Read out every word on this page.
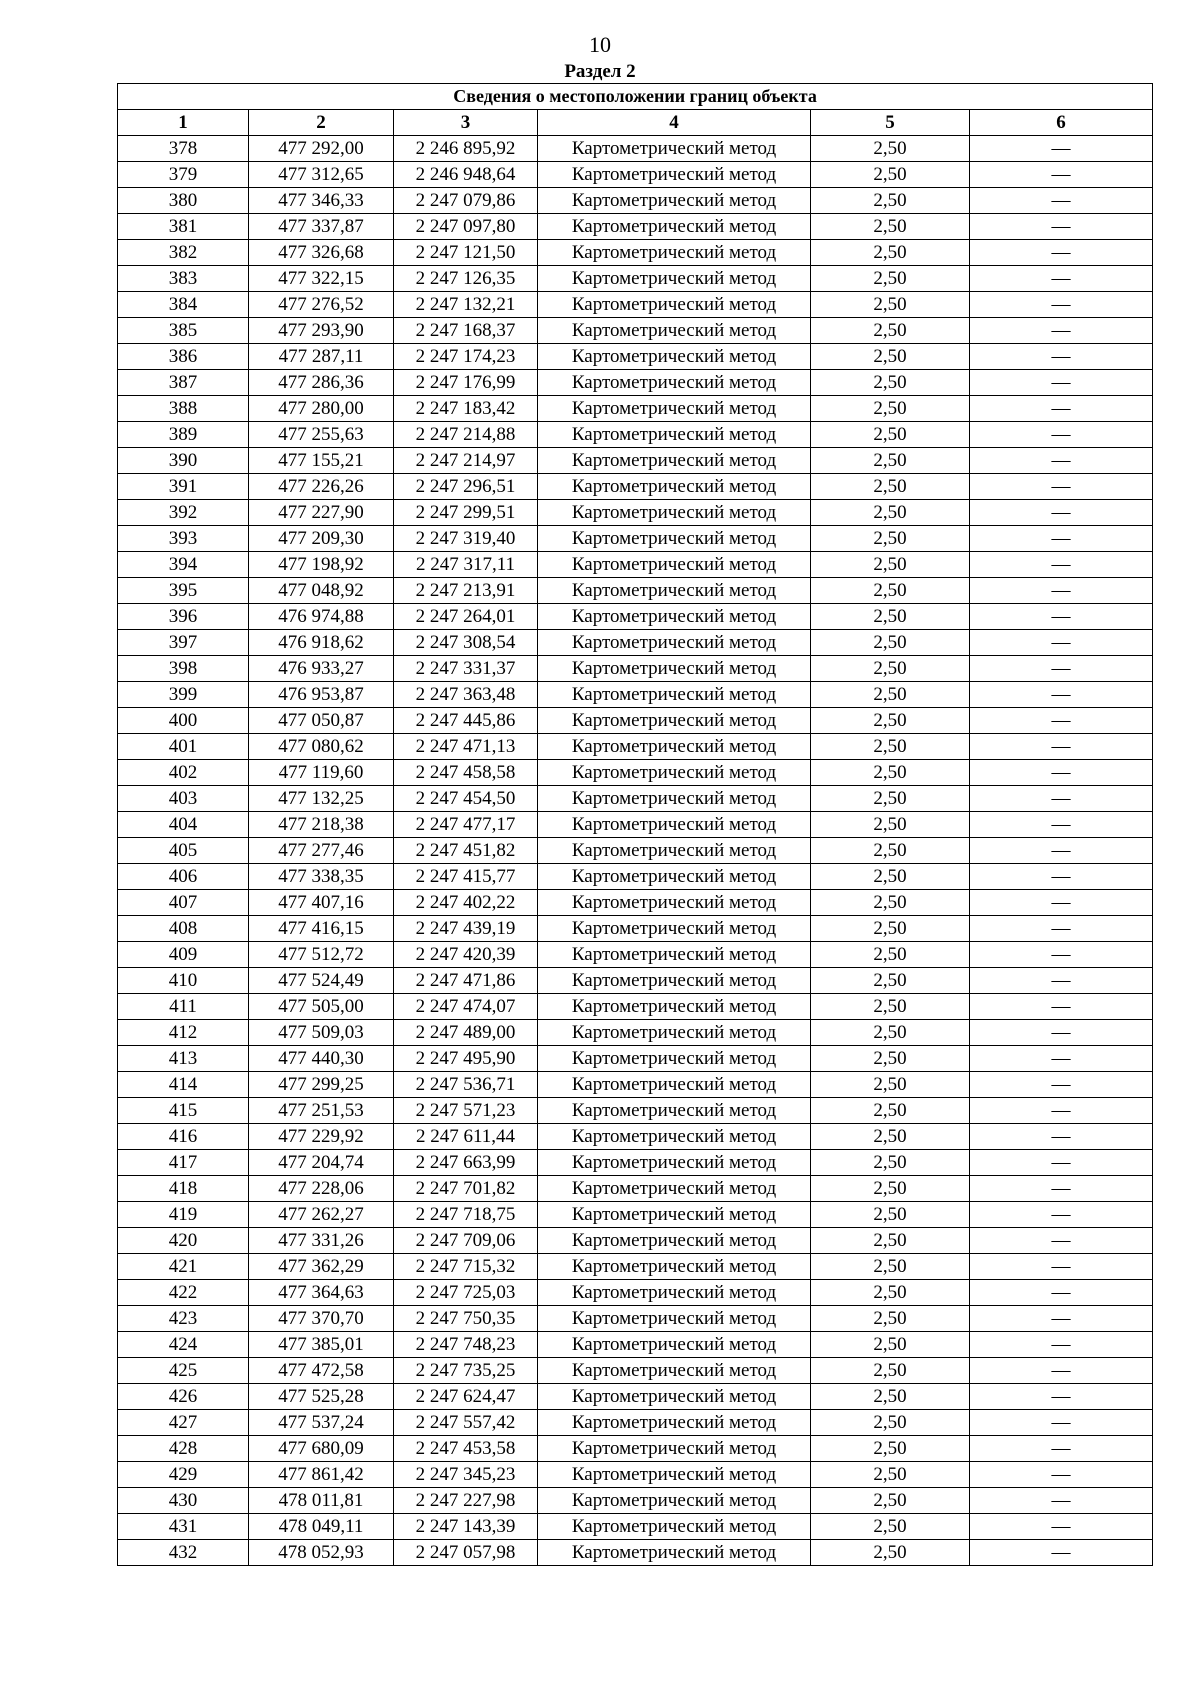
10
Раздел 2
Сведения о местоположении границ объекта					
1	2	3	4	5	6
378	477 292,00	2 246 895,92	Картометрический метод	2,50	—
379	477 312,65	2 246 948,64	Картометрический метод	2,50	—
380	477 346,33	2 247 079,86	Картометрический метод	2,50	—
381	477 337,87	2 247 097,80	Картометрический метод	2,50	—
382	477 326,68	2 247 121,50	Картометрический метод	2,50	—
383	477 322,15	2 247 126,35	Картометрический метод	2,50	—
384	477 276,52	2 247 132,21	Картометрический метод	2,50	—
385	477 293,90	2 247 168,37	Картометрический метод	2,50	—
386	477 287,11	2 247 174,23	Картометрический метод	2,50	—
387	477 286,36	2 247 176,99	Картометрический метод	2,50	—
388	477 280,00	2 247 183,42	Картометрический метод	2,50	—
389	477 255,63	2 247 214,88	Картометрический метод	2,50	—
390	477 155,21	2 247 214,97	Картометрический метод	2,50	—
391	477 226,26	2 247 296,51	Картометрический метод	2,50	—
392	477 227,90	2 247 299,51	Картометрический метод	2,50	—
393	477 209,30	2 247 319,40	Картометрический метод	2,50	—
394	477 198,92	2 247 317,11	Картометрический метод	2,50	—
395	477 048,92	2 247 213,91	Картометрический метод	2,50	—
396	476 974,88	2 247 264,01	Картометрический метод	2,50	—
397	476 918,62	2 247 308,54	Картометрический метод	2,50	—
398	476 933,27	2 247 331,37	Картометрический метод	2,50	—
399	476 953,87	2 247 363,48	Картометрический метод	2,50	—
400	477 050,87	2 247 445,86	Картометрический метод	2,50	—
401	477 080,62	2 247 471,13	Картометрический метод	2,50	—
402	477 119,60	2 247 458,58	Картометрический метод	2,50	—
403	477 132,25	2 247 454,50	Картометрический метод	2,50	—
404	477 218,38	2 247 477,17	Картометрический метод	2,50	—
405	477 277,46	2 247 451,82	Картометрический метод	2,50	—
406	477 338,35	2 247 415,77	Картометрический метод	2,50	—
407	477 407,16	2 247 402,22	Картометрический метод	2,50	—
408	477 416,15	2 247 439,19	Картометрический метод	2,50	—
409	477 512,72	2 247 420,39	Картометрический метод	2,50	—
410	477 524,49	2 247 471,86	Картометрический метод	2,50	—
411	477 505,00	2 247 474,07	Картометрический метод	2,50	—
412	477 509,03	2 247 489,00	Картометрический метод	2,50	—
413	477 440,30	2 247 495,90	Картометрический метод	2,50	—
414	477 299,25	2 247 536,71	Картометрический метод	2,50	—
415	477 251,53	2 247 571,23	Картометрический метод	2,50	—
416	477 229,92	2 247 611,44	Картометрический метод	2,50	—
417	477 204,74	2 247 663,99	Картометрический метод	2,50	—
418	477 228,06	2 247 701,82	Картометрический метод	2,50	—
419	477 262,27	2 247 718,75	Картометрический метод	2,50	—
420	477 331,26	2 247 709,06	Картометрический метод	2,50	—
421	477 362,29	2 247 715,32	Картометрический метод	2,50	—
422	477 364,63	2 247 725,03	Картометрический метод	2,50	—
423	477 370,70	2 247 750,35	Картометрический метод	2,50	—
424	477 385,01	2 247 748,23	Картометрический метод	2,50	—
425	477 472,58	2 247 735,25	Картометрический метод	2,50	—
426	477 525,28	2 247 624,47	Картометрический метод	2,50	—
427	477 537,24	2 247 557,42	Картометрический метод	2,50	—
428	477 680,09	2 247 453,58	Картометрический метод	2,50	—
429	477 861,42	2 247 345,23	Картометрический метод	2,50	—
430	478 011,81	2 247 227,98	Картометрический метод	2,50	—
431	478 049,11	2 247 143,39	Картометрический метод	2,50	—
432	478 052,93	2 247 057,98	Картометрический метод	2,50	—
